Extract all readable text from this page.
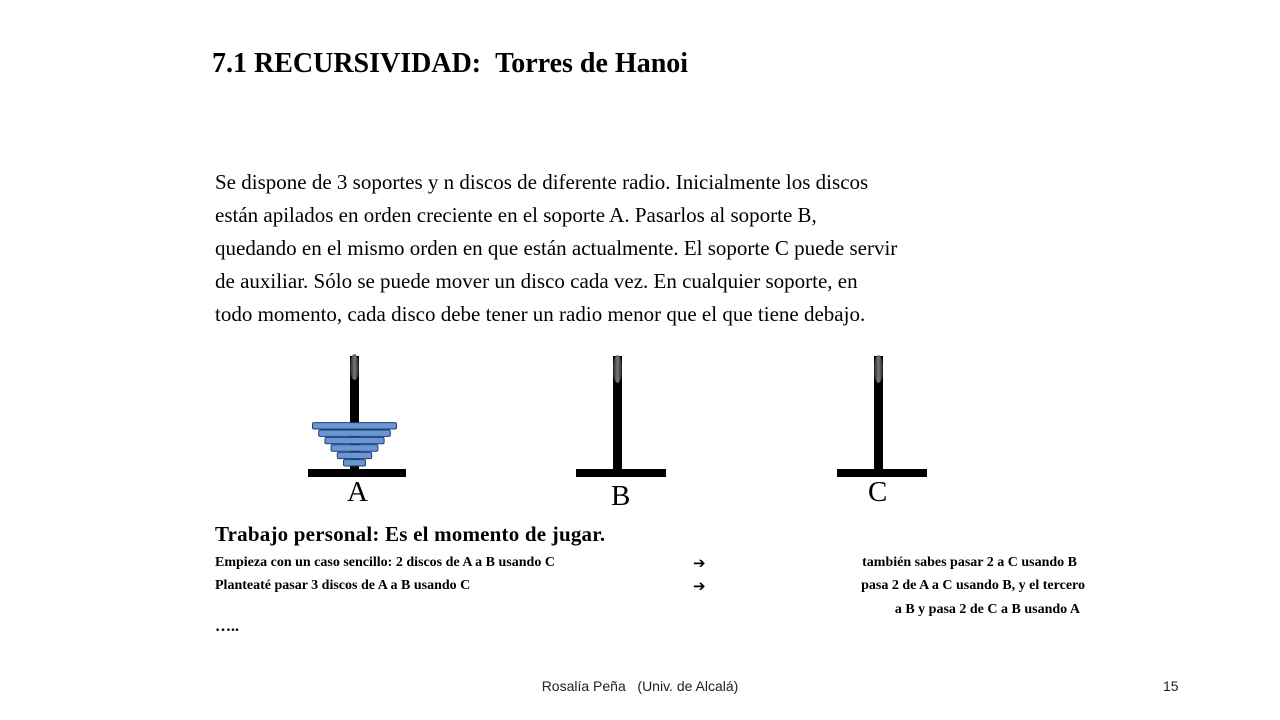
7.1 RECURSIVIDAD: Torres de Hanoi
Se dispone de 3 soportes y n discos de diferente radio. Inicialmente los discos
están apilados en orden creciente en el soporte A. Pasarlos al soporte B,
quedando en el mismo orden en que están actualmente. El soporte C puede servir
de auxiliar. Sólo se puede mover un disco cada vez. En cualquier soporte, en
todo momento, cada disco debe tener un radio menor que el que tiene debajo.
A	B	C
Trabajo personal: Es el momento de jugar.
Empieza con un caso sencillo: 2 discos de A a B usando C	➔	también sabes pasar 2 a C usando B
Planteaté pasar 3 discos de A a B usando C	➔	pasa 2 de A a C usando B, y el tercero
a B y pasa 2 de C a B usando A
…..
Rosalía Peña   (Univ. de Alcalá)	15
